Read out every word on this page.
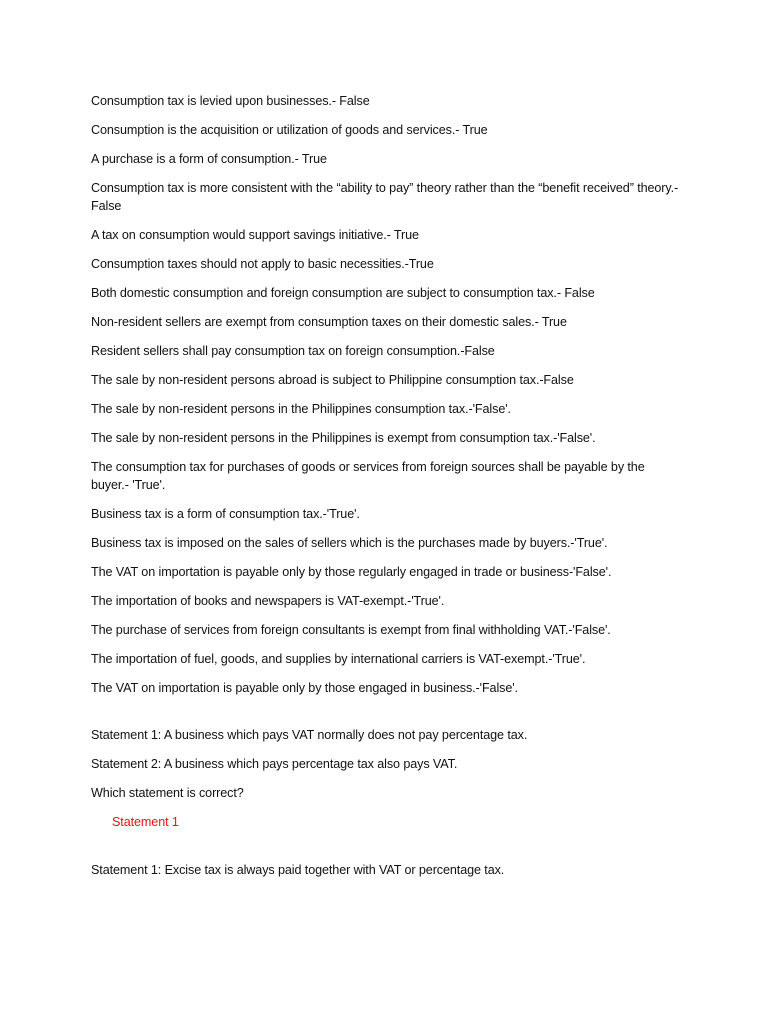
Consumption tax is levied upon businesses.- False
Consumption is the acquisition or utilization of goods and services.- True
A purchase is a form of consumption.- True
Consumption tax is more consistent with the “ability to pay” theory rather than the “benefit received” theory.- False
A tax on consumption would support savings initiative.- True
Consumption taxes should not apply to basic necessities.-True
Both domestic consumption and foreign consumption are subject to consumption tax.- False
Non-resident sellers are exempt from consumption taxes on their domestic sales.- True
Resident sellers shall pay consumption tax on foreign consumption.-False
The sale by non-resident persons abroad is subject to Philippine consumption tax.-False
The sale by non-resident persons in the Philippines consumption tax.-'False'.
The sale by non-resident persons in the Philippines is exempt from consumption tax.-'False'.
The consumption tax for purchases of goods or services from foreign sources shall be payable by the buyer.- 'True'.
Business tax is a form of consumption tax.-'True'.
Business tax is imposed on the sales of sellers which is the purchases made by buyers.-'True'.
The VAT on importation is payable only by those regularly engaged in trade or business-'False'.
The importation of books and newspapers is VAT-exempt.-'True'.
The purchase of services from foreign consultants is exempt from final withholding VAT.-'False'.
The importation of fuel, goods, and supplies by international carriers is VAT-exempt.-'True'.
The VAT on importation is payable only by those engaged in business.-'False'.
Statement 1: A business which pays VAT normally does not pay percentage tax.
Statement 2: A business which pays percentage tax also pays VAT.
Which statement is correct?
Statement 1
Statement 1: Excise tax is always paid together with VAT or percentage tax.
